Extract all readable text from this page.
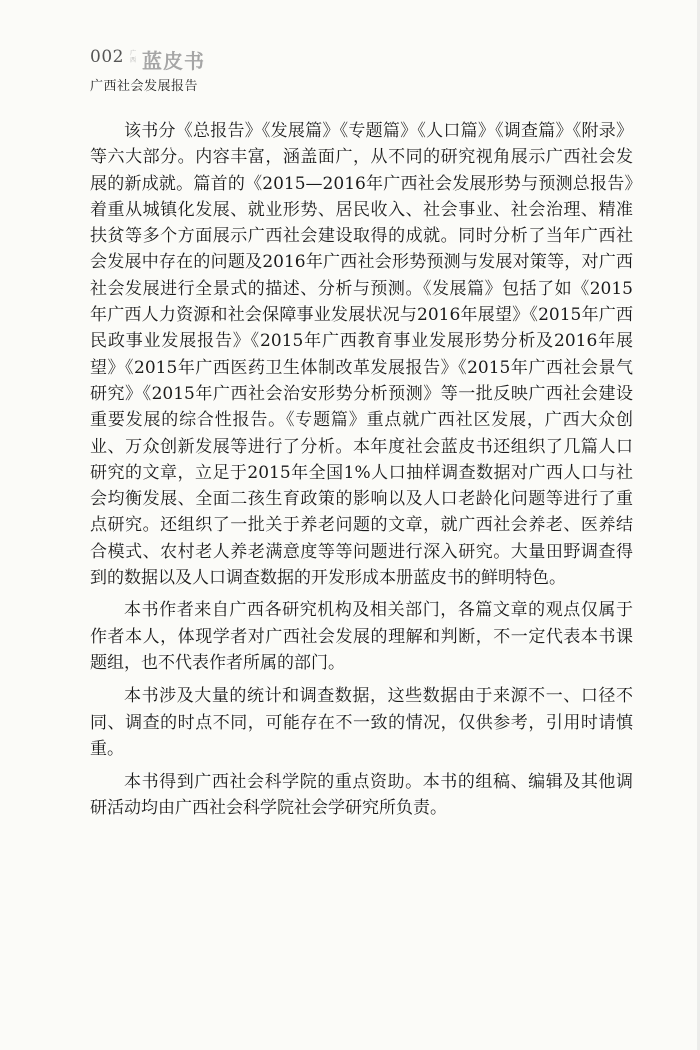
002 广西 蓝皮书
广西社会发展报告

该书分《总报告》《发展篇》《专题篇》《人口篇》《调查篇》《附录》等六大部分。内容丰富，涵盖面广，从不同的研究视角展示广西社会发展的新成就。篇首的《2015—2016年广西社会发展形势与预测总报告》着重从城镇化发展、就业形势、居民收入、社会事业、社会治理、精准扶贫等多个方面展示广西社会建设取得的成就。同时分析了当年广西社会发展中存在的问题及2016年广西社会形势预测与发展对策等，对广西社会发展进行全景式的描述、分析与预测。《发展篇》包括了如《2015年广西人力资源和社会保障事业发展状况与2016年展望》《2015年广西民政事业发展报告》《2015年广西教育事业发展形势分析及2016年展望》《2015年广西医药卫生体制改革发展报告》《2015年广西社会景气研究》《2015年广西社会治安形势分析预测》等一批反映广西社会建设重要发展的综合性报告。《专题篇》重点就广西社区发展，广西大众创业、万众创新发展等进行了分析。本年度社会蓝皮书还组织了几篇人口研究的文章，立足于2015年全国1%人口抽样调查数据对广西人口与社会均衡发展、全面二孩生育政策的影响以及人口老龄化问题等进行了重点研究。还组织了一批关于养老问题的文章，就广西社会养老、医养结合模式、农村老人养老满意度等等问题进行深入研究。大量田野调查得到的数据以及人口调查数据的开发形成本册蓝皮书的鲜明特色。

本书作者来自广西各研究机构及相关部门，各篇文章的观点仅属于作者本人，体现学者对广西社会发展的理解和判断，不一定代表本书课题组，也不代表作者所属的部门。

本书涉及大量的统计和调查数据，这些数据由于来源不一、口径不同、调查的时点不同，可能存在不一致的情况，仅供参考，引用时请慎重。

本书得到广西社会科学院的重点资助。本书的组稿、编辑及其他调研活动均由广西社会科学院社会学研究所负责。
